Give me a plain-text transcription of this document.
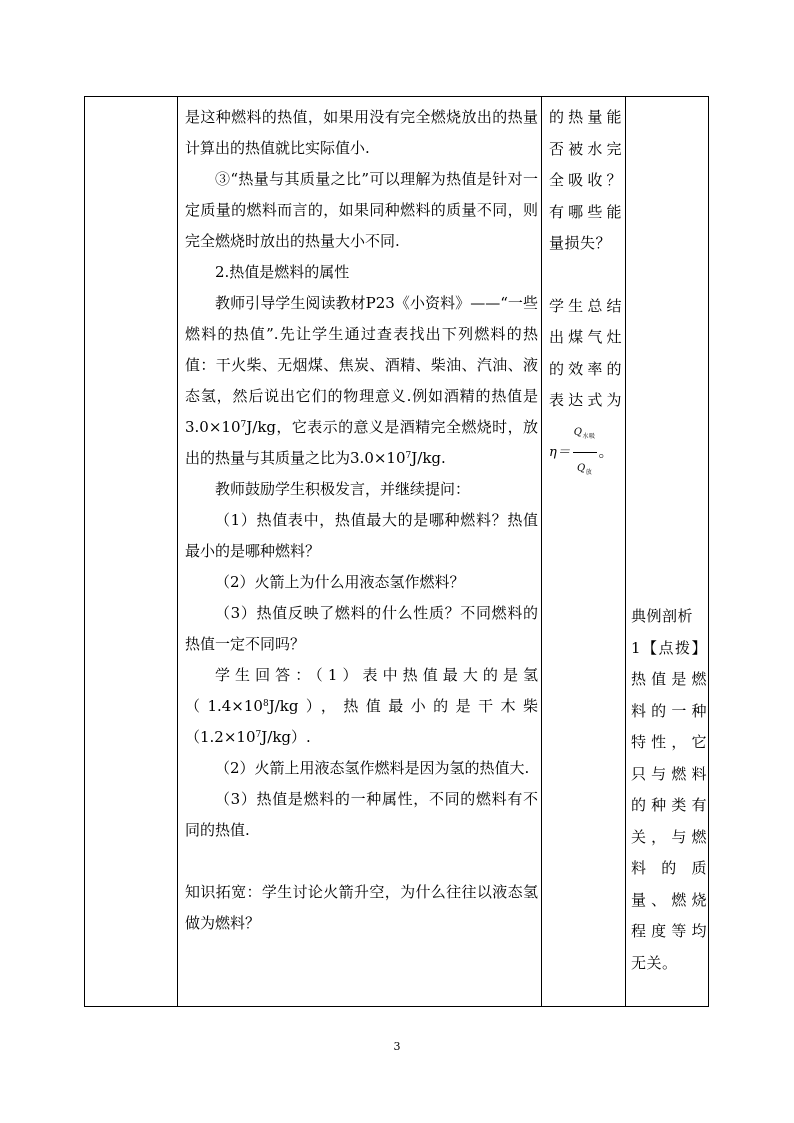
是这种燃料的热值，如果用没有完全燃烧放出的热量计算出的热值就比实际值小.

③“热量与其质量之比”可以理解为热值是针对一定质量的燃料而言的，如果同种燃料的质量不同，则完全燃烧时放出的热量大小不同.

2.热值是燃料的属性

教师引导学生阅读教材P23《小资料》——“一些燃料的热值”.先让学生通过查表找出下列燃料的热值：干火柴、无烟煤、焦炭、酒精、柴油、汽油、液态氢，然后说出它们的物理意义.例如酒精的热值是$3.0\times 10^7J/kg$，它表示的意义是酒精完全燃烧时，放出的热量与其质量之比为$3.0\times 10^7J/kg$.

教师鼓励学生积极发言，并继续提问：

（1）热值表中，热值最大的是哪种燃料？热值最小的是哪种燃料？

（2）火箭上为什么用液态氢作燃料？

（3）热值反映了燃料的什么性质？不同燃料的热值一定不同吗？

学生回答：（1）表中热值最大的是氢$(1.4\times 10^8J/kg)$，热值最小的是干木柴$(1.2\times 10^7J/kg)$.

（2）火箭上用液态氢作燃料是因为氢的热值大.

（3）热值是燃料的一种属性，不同的燃料有不同的热值.

知识拓宽：学生讨论火箭升空，为什么往往以液态氢做为燃料？

的热量能否被水完全吸收？有哪些能量损失？

学生总结出煤气灶的效率的表达式为
$\eta= \frac{Q_{水吸}}{Q_放}$ 。

典例剖析

1【点拨】热值是燃料的一种特性，它只与燃料的种类有关，与燃料的质量、燃烧程度等均无关。

3
